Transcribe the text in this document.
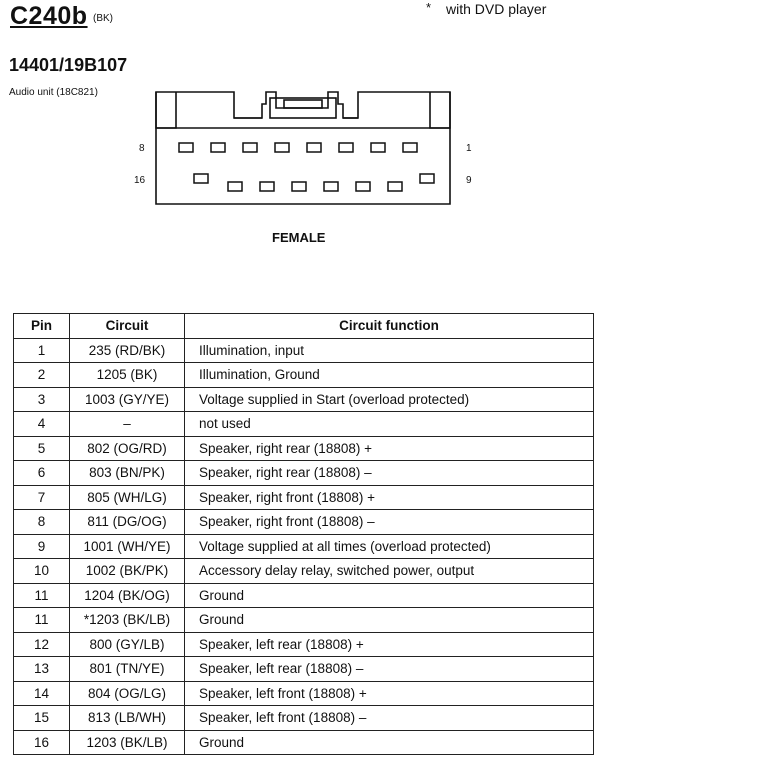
C240b (BK)
* with DVD player
14401/19B107
Audio unit (18C821)
8
16
1
9
FEMALE
Pin	Circuit	Circuit function
1	235 (RD/BK)	Illumination, input
2	1205 (BK)	Illumination, Ground
3	1003 (GY/YE)	Voltage supplied in Start (overload protected)
4	–	not used
5	802 (OG/RD)	Speaker, right rear (18808) +
6	803 (BN/PK)	Speaker, right rear (18808) –
7	805 (WH/LG)	Speaker, right front (18808) +
8	811 (DG/OG)	Speaker, right front (18808) –
9	1001 (WH/YE)	Voltage supplied at all times (overload protected)
10	1002 (BK/PK)	Accessory delay relay, switched power, output
11	1204 (BK/OG)	Ground
11	*1203 (BK/LB)	Ground
12	800 (GY/LB)	Speaker, left rear (18808) +
13	801 (TN/YE)	Speaker, left rear (18808) –
14	804 (OG/LG)	Speaker, left front (18808) +
15	813 (LB/WH)	Speaker, left front (18808) –
16	1203 (BK/LB)	Ground
